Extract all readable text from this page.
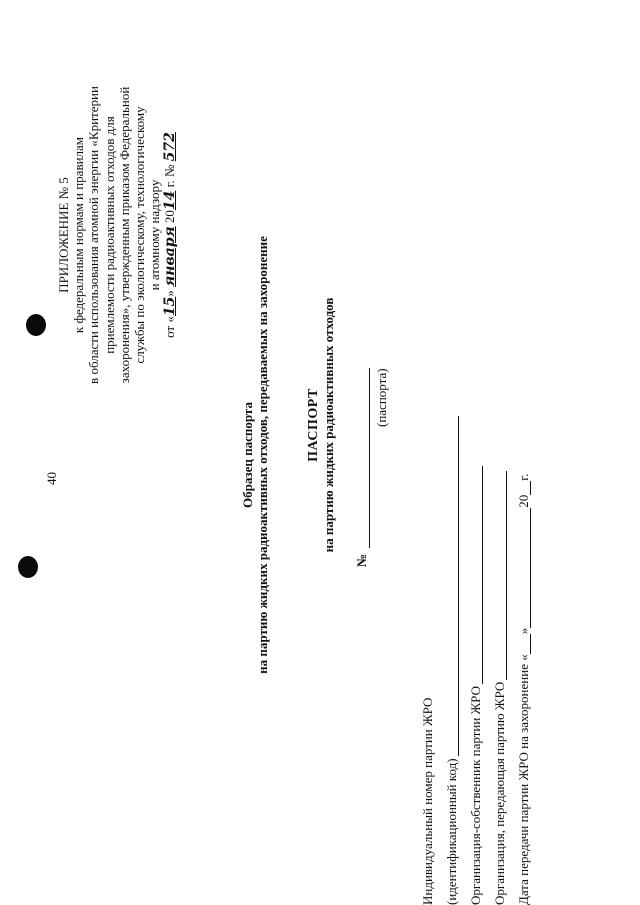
40
ПРИЛОЖЕНИЕ № 5 к федеральным нормам и правилам в области использования атомной энергии «Критерии приемлемости радиоактивных отходов для захоронения», утвержденным приказом Федеральной службы по экологическому, технологическому и атомному надзору
от «15» января 2014 г. № 572
Образец паспорта на партию жидких радиоактивных отходов, передаваемых на захоронение	ПАСПОРТ на партию жидких радиоактивных отходов
№
(паспорта)
Индивидуальный номер партии ЖРО (идентификационный код) Организация-собственник партии ЖРО Организация, передающая партию ЖРО Дата передачи партии ЖРО на захоронение «»20г.
